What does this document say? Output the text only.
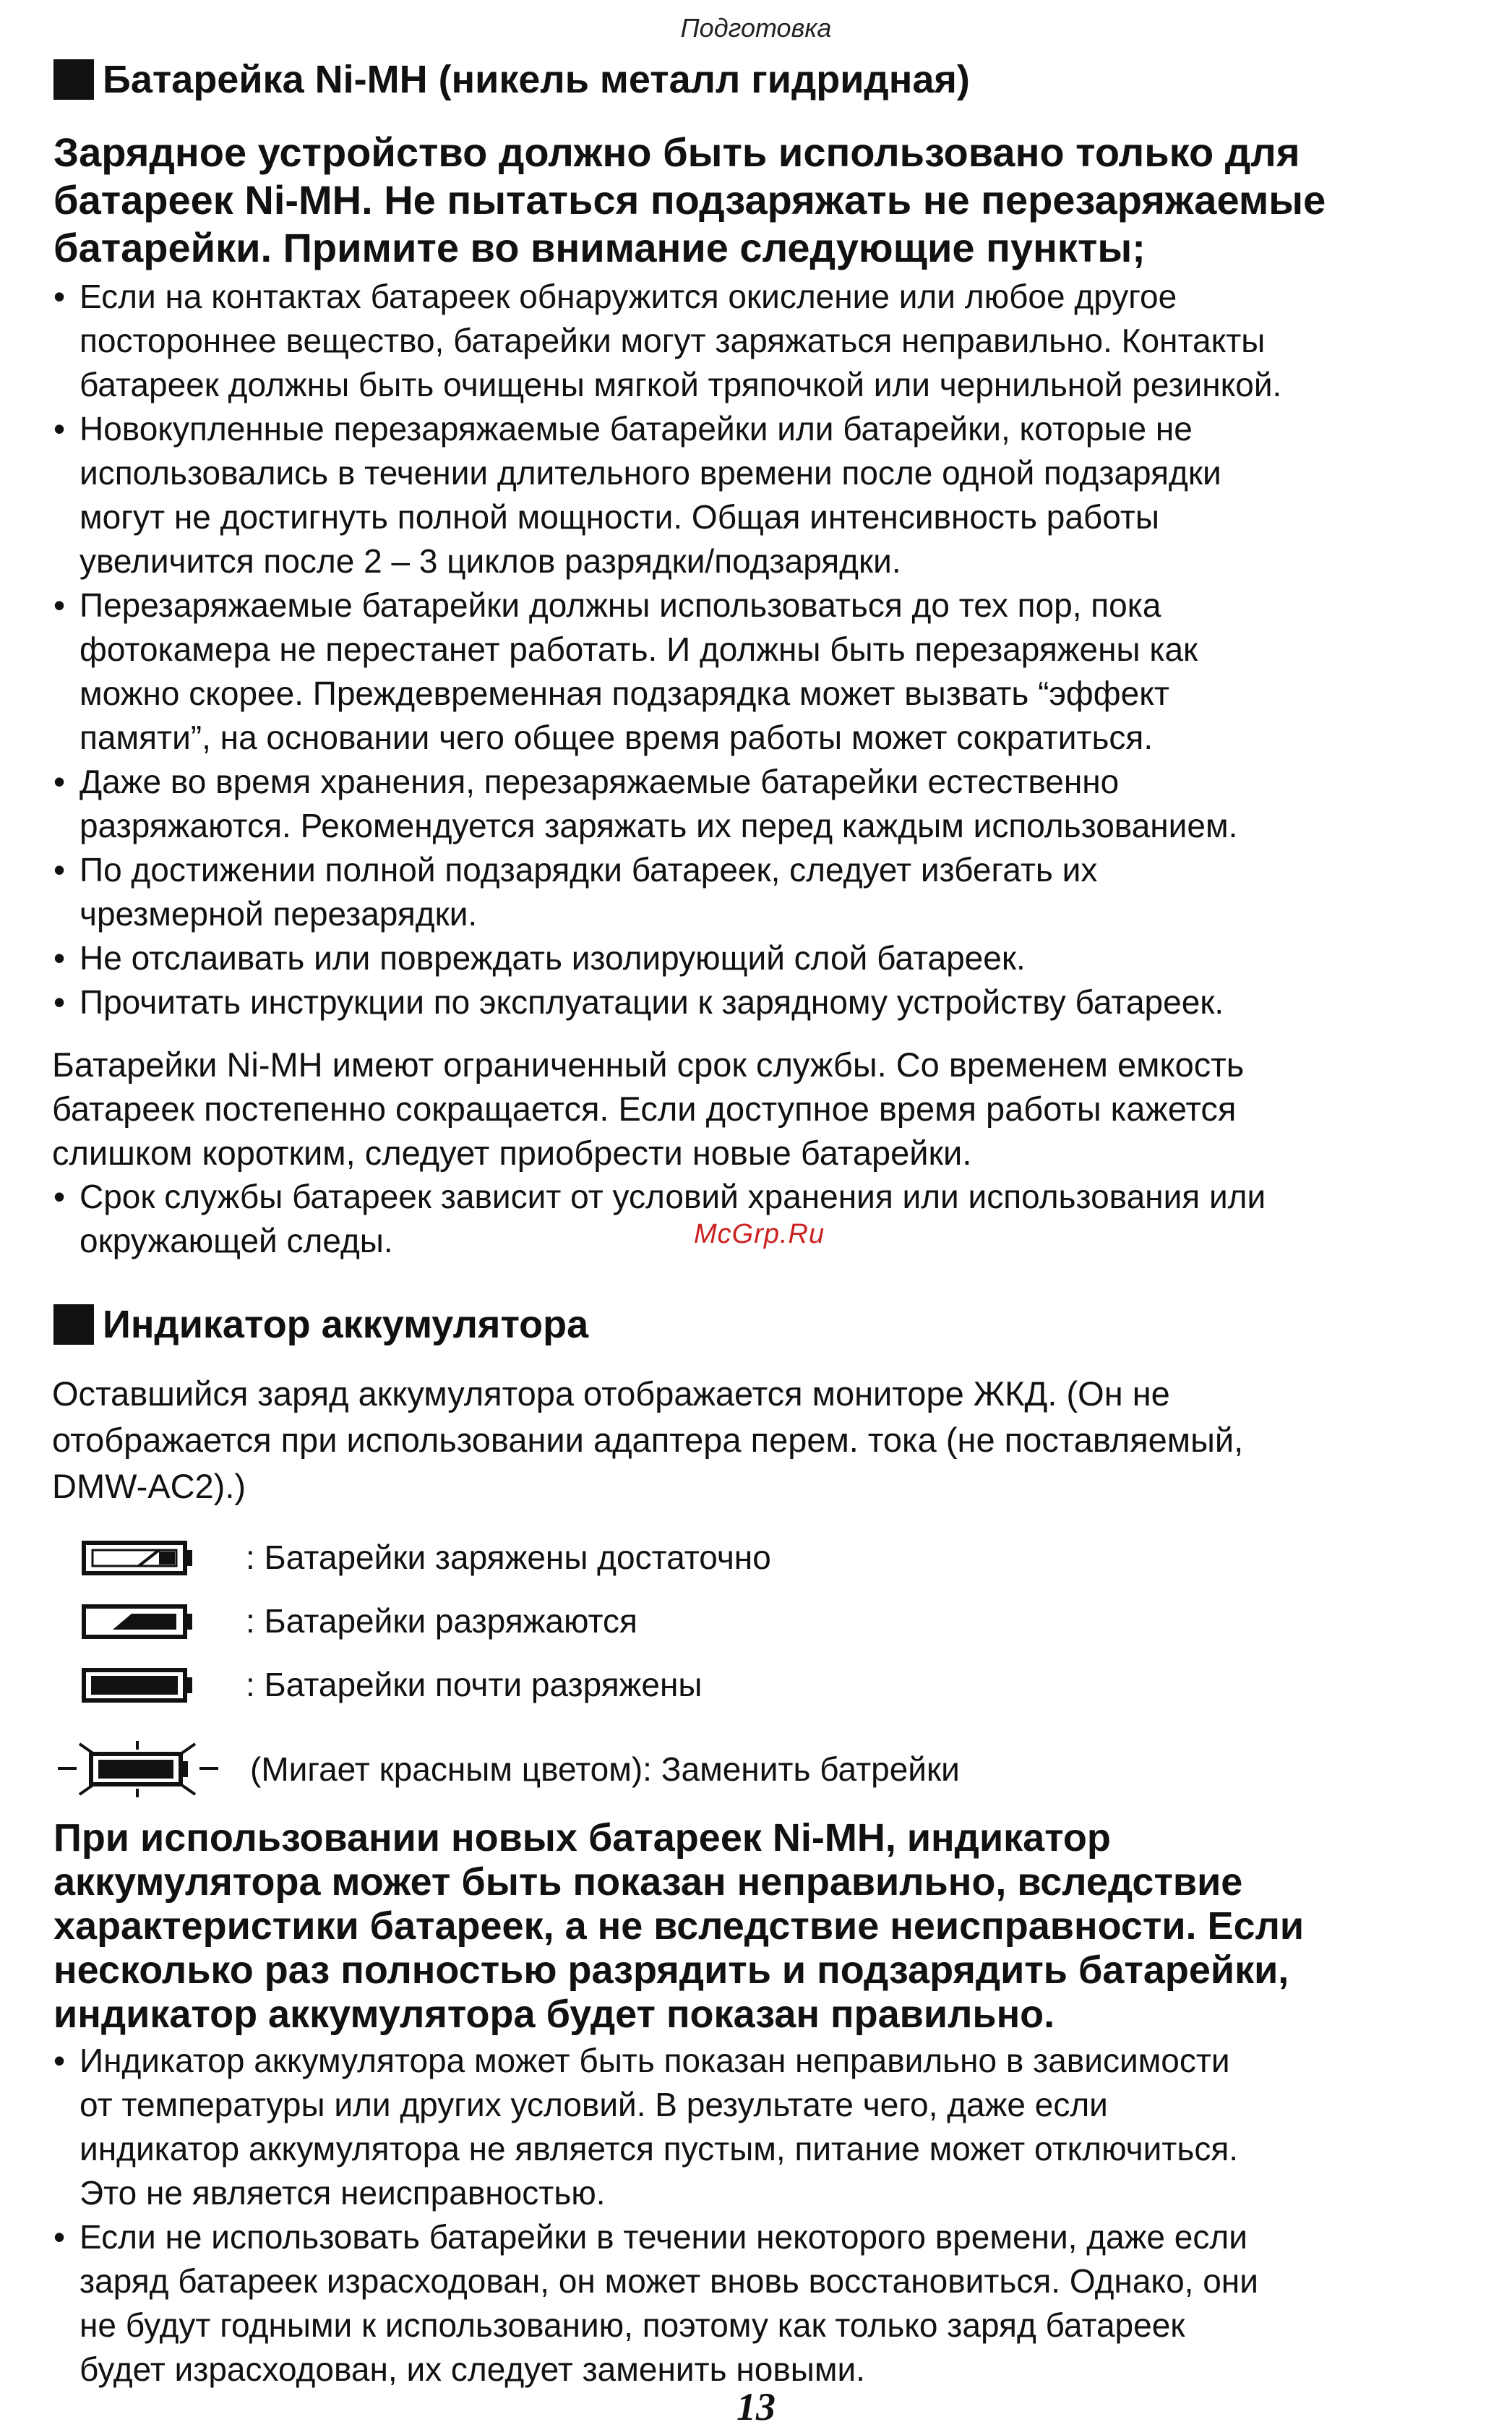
Подготовка
Батарейка Ni-MH (никель металл гидридная)
Зарядное устройство должно быть использовано только для
батареек Ni-MH. Не пытаться подзаряжать не перезаряжаемые
батарейки. Примите во внимание следующие пункты;
• Если на контактах батареек обнаружится окисление или любое другое
постороннее вещество, батарейки могут заряжаться неправильно. Контакты
батареек должны быть очищены мягкой тряпочкой или чернильной резинкой.
• Новокупленные перезаряжаемые батарейки или батарейки, которые не
использовались в течении длительного времени после одной подзарядки
могут не достигнуть полной мощности. Общая интенсивность работы
увеличится после 2 – 3 циклов разрядки/подзарядки.
• Перезаряжаемые батарейки должны использоваться до тех пор, пока
фотокамера не перестанет работать. И должны быть перезаряжены как
можно скорее. Преждевременная подзарядка может вызвать “эффект
памяти”, на основании чего общее время работы может сократиться.
• Даже во время хранения, перезаряжаемые батарейки естественно
разряжаются. Рекомендуется заряжать их перед каждым использованием.
• По достижении полной подзарядки батареек, следует избегать их
чрезмерной перезарядки.
• Не отслаивать или повреждать изолирующий слой батареек.
• Прочитать инструкции по эксплуатации к зарядному устройству батареек.
Батарейки Ni-MH имеют ограниченный срок службы. Со временем емкость
батареек постепенно сокращается. Если доступное время работы кажется
слишком коротким, следует приобрести новые батарейки.
• Срок службы батареек зависит от условий хранения или использования или
окружающей следы.	McGrp.Ru
Индикатор аккумулятора
Оставшийся заряд аккумулятора отображается мониторе ЖКД. (Он не
отображается при использовании адаптера перем. тока (не поставляемый,
DMW-AC2).)
: Батарейки заряжены достаточно
: Батарейки разряжаются
: Батарейки почти разряжены
(Мигает красным цветом): Заменить батрейки
При использовании новых батареек Ni-MH, индикатор
аккумулятора может быть показан неправильно, вследствие
характеристики батареек, а не вследствие неисправности. Если
несколько раз полностью разрядить и подзарядить батарейки,
индикатор аккумулятора будет показан правильно.
• Индикатор аккумулятора может быть показан неправильно в зависимости
от температуры или других условий. В результате чего, даже если
индикатор аккумулятора не является пустым, питание может отключиться.
Это не является неисправностью.
• Если не использовать батарейки в течении некоторого времени, даже если
заряд батареек израсходован, он может вновь восстановиться. Однако, они
не будут годными к использованию, поэтому как только заряд батареек
будет израсходован, их следует заменить новыми.
13
